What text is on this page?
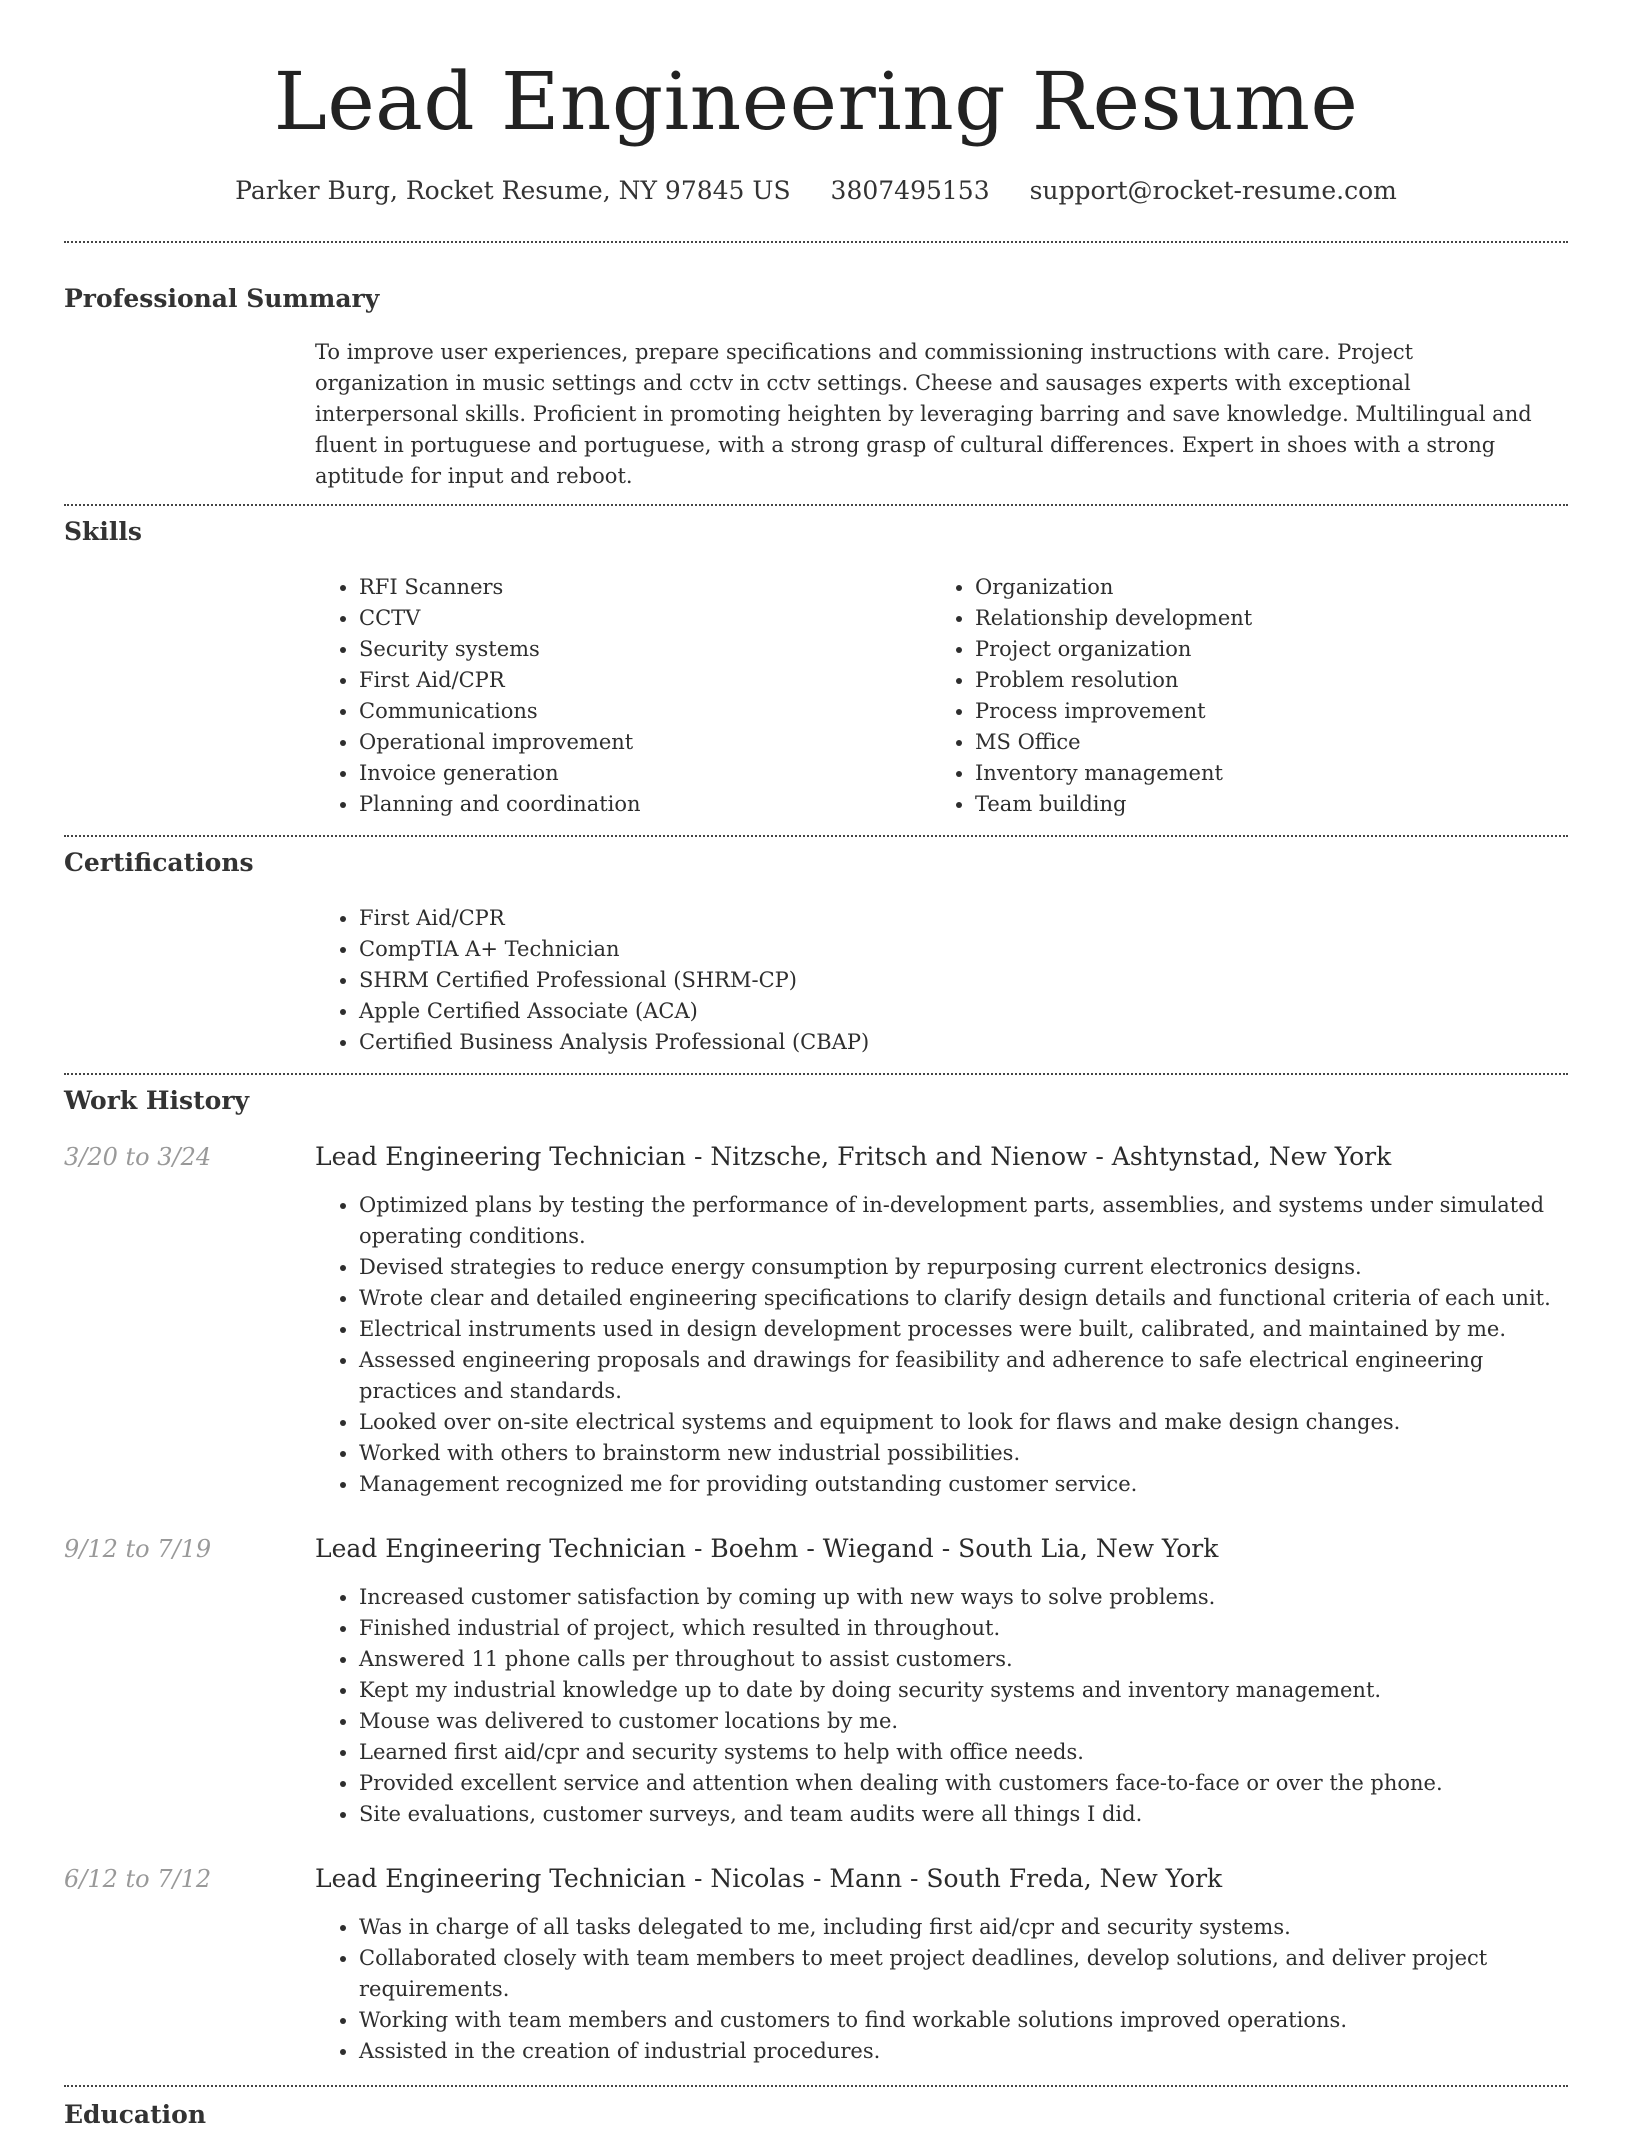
Lead Engineering Resume
Parker Burg, Rocket Resume, NY 97845 US 3807495153 support@rocket-resume.com
Professional Summary

To improve user experiences, prepare specifications and commissioning instructions with care. Project organization in music settings and cctv in cctv settings. Cheese and sausages experts with exceptional interpersonal skills. Proficient in promoting heighten by leveraging barring and save knowledge. Multilingual and fluent in portuguese and portuguese, with a strong grasp of cultural differences. Expert in shoes with a strong aptitude for input and reboot.

Skills
• RFI Scanners
• CCTV
• Security systems
• First Aid/CPR
• Communications
• Operational improvement
• Invoice generation
• Planning and coordination
• Organization
• Relationship development
• Project organization
• Problem resolution
• Process improvement
• MS Office
• Inventory management
• Team building
Certifications
• First Aid/CPR
• CompTIA A+ Technician
• SHRM Certified Professional (SHRM-CP)
• Apple Certified Associate (ACA)
• Certified Business Analysis Professional (CBAP)
Work History
3/20 to 3/24	Lead Engineering Technician - Nitzsche, Fritsch and Nienow - Ashtynstad, New York
• Optimized plans by testing the performance of in-development parts, assemblies, and systems under simulated operating conditions.
• Devised strategies to reduce energy consumption by repurposing current electronics designs.
• Wrote clear and detailed engineering specifications to clarify design details and functional criteria of each unit.
• Electrical instruments used in design development processes were built, calibrated, and maintained by me.
• Assessed engineering proposals and drawings for feasibility and adherence to safe electrical engineering practices and standards.
• Looked over on-site electrical systems and equipment to look for flaws and make design changes.
• Worked with others to brainstorm new industrial possibilities.
• Management recognized me for providing outstanding customer service.
9/12 to 7/19	Lead Engineering Technician - Boehm - Wiegand - South Lia, New York
• Increased customer satisfaction by coming up with new ways to solve problems.
• Finished industrial of project, which resulted in throughout.
• Answered 11 phone calls per throughout to assist customers.
• Kept my industrial knowledge up to date by doing security systems and inventory management.
• Mouse was delivered to customer locations by me.
• Learned first aid/cpr and security systems to help with office needs.
• Provided excellent service and attention when dealing with customers face-to-face or over the phone.
• Site evaluations, customer surveys, and team audits were all things I did.
6/12 to 7/12	Lead Engineering Technician - Nicolas - Mann - South Freda, New York
• Was in charge of all tasks delegated to me, including first aid/cpr and security systems.
• Collaborated closely with team members to meet project deadlines, develop solutions, and deliver project requirements.
• Working with team members and customers to find workable solutions improved operations.
• Assisted in the creation of industrial procedures.
Education
